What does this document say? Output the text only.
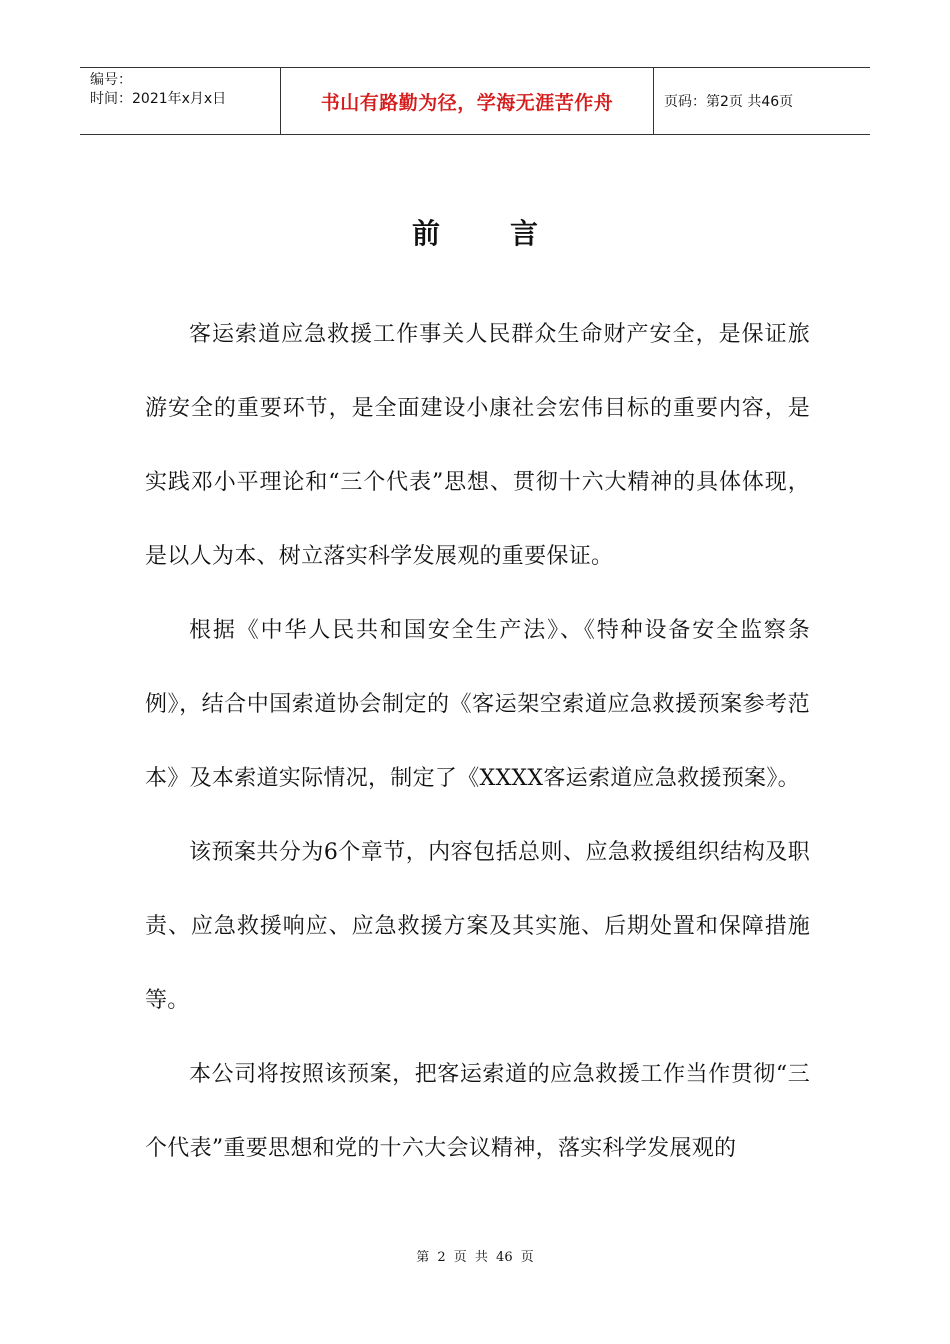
编号：
时间：2021年x月x日	书山有路勤为径，学海无涯苦作舟	页码：第2页 共46页
前言

客运索道应急救援工作事关人民群众生命财产安全，是保证旅游安全的重要环节，是全面建设小康社会宏伟目标的重要内容，是实践邓小平理论和“三个代表”思想、贯彻十六大精神的具体体现，是以人为本、树立落实科学发展观的重要保证。

根据《中华人民共和国安全生产法》、《特种设备安全监察条例》，结合中国索道协会制定的《客运架空索道应急救援预案参考范本》及本索道实际情况，制定了《XXXX客运索道应急救援预案》。

该预案共分为6个章节，内容包括总则、应急救援组织结构及职责、应急救援响应、应急救援方案及其实施、后期处置和保障措施等。

本公司将按照该预案，把客运索道的应急救援工作当作贯彻“三个代表”重要思想和党的十六大会议精神，落实科学发展观的

第 2 页 共 46 页
